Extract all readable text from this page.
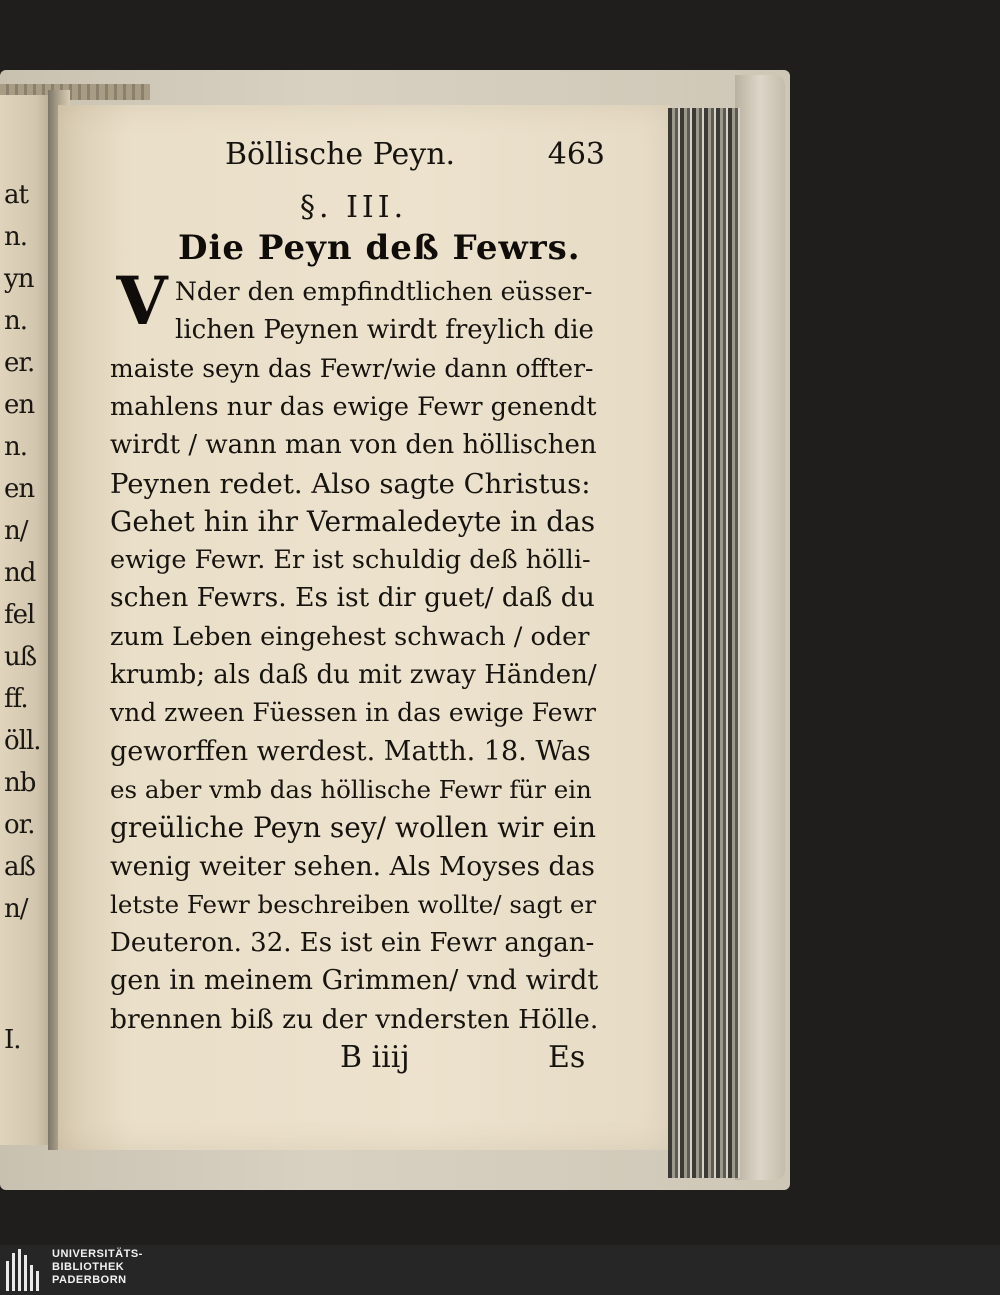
at
n.
yn
n.
er.
en
n.
en
n/
nd
fel
uß
ff.
öll.
nb
or.
aß
n/
I.
Böllische Peyn.	463
§. III.
Die Peyn deß Fewrs.
V Nder den empfindtlichen eüsser-
lichen Peynen wirdt freylich die
maiste seyn das Fewr/wie dann offter-
mahlens nur das ewige Fewr genendt
wirdt / wann man von den höllischen
Peynen redet. Also sagte Christus:
Gehet hin ihr Vermaledeyte in das
ewige Fewr. Er ist schuldig deß hölli-
schen Fewrs. Es ist dir guet/ daß du
zum Leben eingehest schwach / oder
krumb; als daß du mit zway Händen/
vnd zween Füessen in das ewige Fewr
geworffen werdest. Matth. 18. Was
es aber vmb das höllische Fewr für ein
greüliche Peyn sey/ wollen wir ein
wenig weiter sehen. Als Moyses das
letste Fewr beschreiben wollte/ sagt er
Deuteron. 32. Es ist ein Fewr angan-
gen in meinem Grimmen/ vnd wirdt
brennen biß zu der vndersten Hölle.
B iiij	Es
UNIVERSITÄTS-
BIBLIOTHEK
PADERBORN
